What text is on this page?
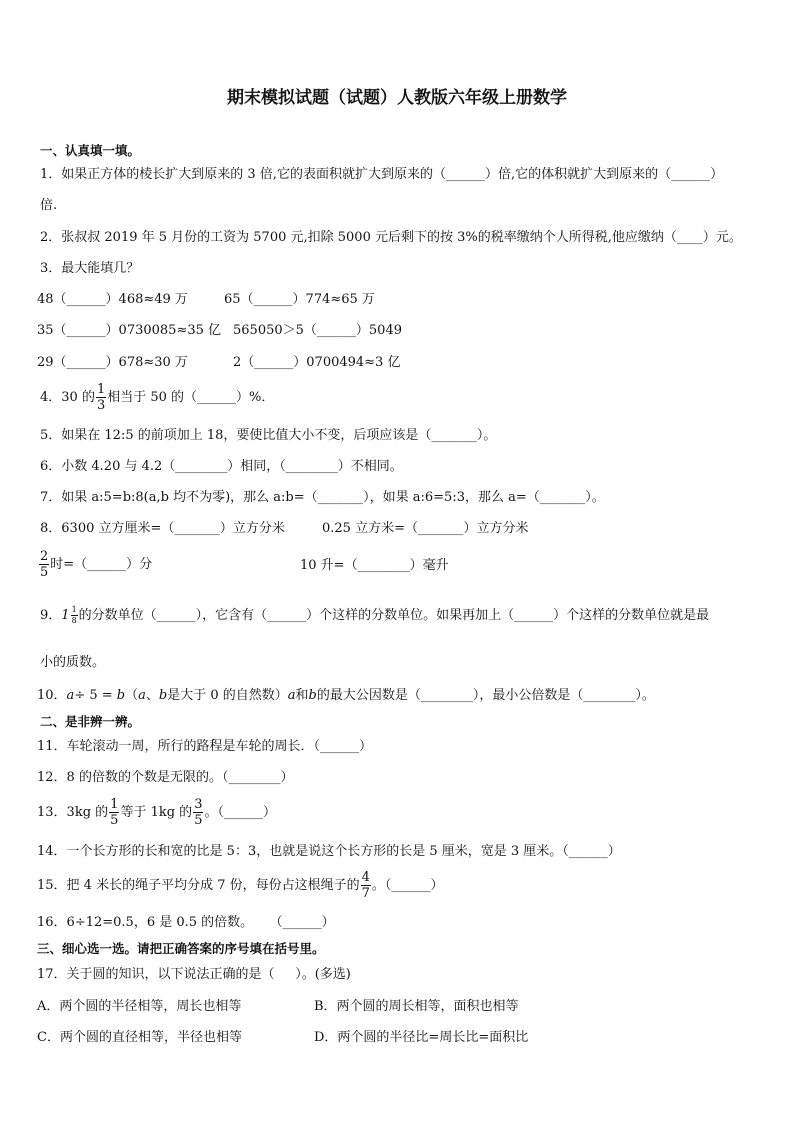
期末模拟试题（试题）人教版六年级上册数学
一、认真填一填。
1．如果正方体的棱长扩大到原来的 3 倍,它的表面积就扩大到原来的（______）倍,它的体积就扩大到原来的（______）
倍.
2．张叔叔 2019 年 5 月份的工资为 5700 元,扣除 5000 元后剩下的按 3%的税率缴纳个人所得税,他应缴纳（____）元。
3．最大能填几？
48（______）468≈49 万	65（______）774≈65 万
35（______）0730085≈35 亿 565050＞5（______）5049
29（______）678≈30 万	2（______）0700494≈3 亿
4．30 的 $\frac{1}{3}$ 相当于 50 的（______）%．
5．如果在 12:5 的前项加上 18，要使比值大小不变，后项应该是（_______）。
6．小数 4.20 与 4.2（________）相同，（________）不相同。
7．如果 a:5=b:8(a,b 均不为零)，那么 a:b=（_______），如果 a:6=5:3，那么 a=（_______）。
8．6300 立方厘米=（_______）立方分米	0.25 立方米=（_______）立方分米
$\frac{2}{5}$ 时=（______）分	10 升=（________）毫升
9．$1 \frac{1}{8}$ 的分数单位（______），它含有（______）个这样的分数单位。如果再加上（______）个这样的分数单位就是最
小的质数。
10．a÷ 5 = b（a、b是大于 0 的自然数）a和b的最大公因数是（________），最小公倍数是（________）。
二、是非辨一辨。
11．车轮滚动一周，所行的路程是车轮的周长．（______）
12．8 的倍数的个数是无限的。（________）
13．3kg 的 $\frac{1}{5}$ 等于 1kg 的 $\frac{3}{5}$ 。（______）
14．一个长方形的长和宽的比是 5：3，也就是说这个长方形的长是 5 厘米，宽是 3 厘米。（______）
15．把 4 米长的绳子平均分成 7 份，每份占这根绳子的 $\frac{4}{7}$ 。（______）
16．6÷12=0.5，6 是 0.5 的倍数。    （______）
三、细心选一选。请把正确答案的序号填在括号里。
17．关于圆的知识，以下说法正确的是（     ）。(多选)
A．两个圆的半径相等，周长也相等	B．两个圆的周长相等，面积也相等
C．两个圆的直径相等，半径也相等	D．两个圆的半径比=周长比=面积比
